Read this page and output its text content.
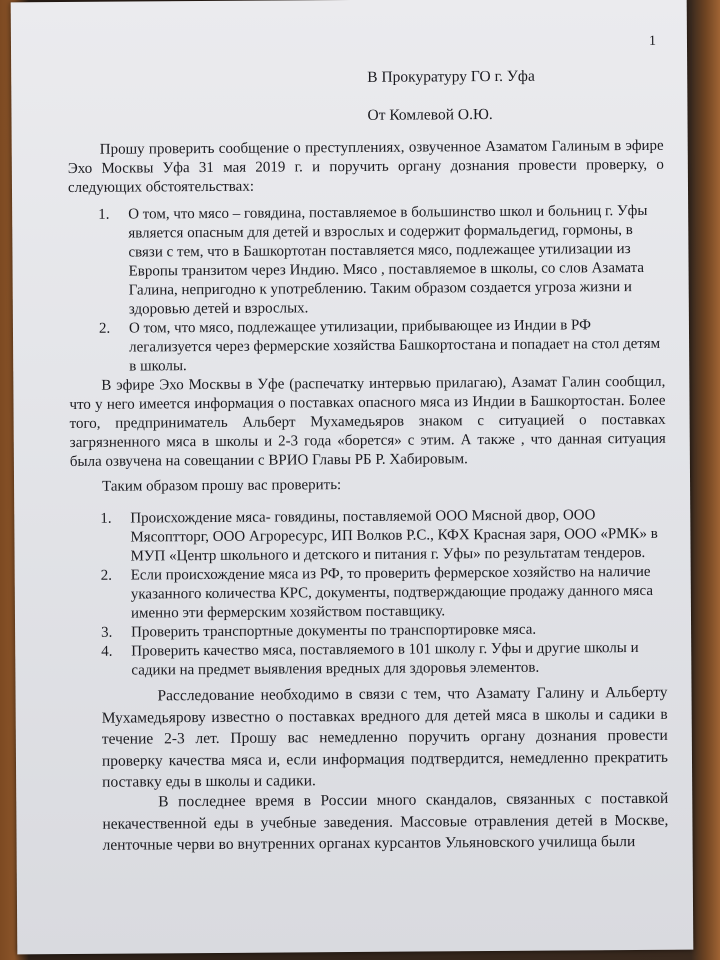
1
В Прокуратуру ГО г. Уфа
От Комлевой О.Ю.

Прошу проверить сообщение о преступлениях, озвученное Азаматом Галиным в эфире Эхо Москвы Уфа 31 мая 2019 г. и поручить органу дознания провести проверку, о следующих обстоятельствах:

1. О том, что мясо – говядина, поставляемое в большинство школ и больниц г. Уфы является опасным для детей и взрослых и содержит формальдегид, гормоны, в связи с тем, что в Башкортотан поставляется мясо, подлежащее утилизации из Европы транзитом через Индию. Мясо , поставляемое в школы, со слов Азамата Галина, непригодно к употреблению. Таким образом создается угроза жизни и здоровью детей и взрослых.
2. О том, что мясо, подлежащее утилизации, прибывающее из Индии в РФ легализуется через фермерские хозяйства Башкортостана и попадает на стол детям в школы.

В эфире Эхо Москвы в Уфе (распечатку интервью прилагаю), Азамат Галин сообщил, что у него имеется информация о поставках опасного мяса из Индии в Башкортостан. Более того, предприниматель Альберт Мухамедьяров знаком с ситуацией о поставках загрязненного мяса в школы и 2-3 года «борется» с этим. А также , что данная ситуация была озвучена на совещании с ВРИО Главы РБ Р. Хабировым.

Таким образом прошу вас проверить:

1. Происхождение мяса- говядины, поставляемой ООО Мясной двор, ООО Мясоптторг, ООО Агроресурс, ИП Волков Р.С., КФХ Красная заря, ООО «РМК» в МУП «Центр школьного и детского и питания г. Уфы» по результатам тендеров.
2. Если происхождение мяса из РФ, то проверить фермерское хозяйство на наличие указанного количества КРС, документы, подтверждающие продажу данного мяса именно эти фермерским хозяйством поставщику.
3. Проверить транспортные документы по транспортировке мяса.
4. Проверить качество мяса, поставляемого в 101 школу г. Уфы и другие школы и садики на предмет выявления вредных для здоровья элементов.

Расследование необходимо в связи с тем, что Азамату Галину и Альберту Мухамедьярову известно о поставках вредного для детей мяса в школы и садики в течение 2-3 лет. Прошу вас немедленно поручить органу дознания провести проверку качества мяса и, если информация подтвердится, немедленно прекратить поставку еды в школы и садики.

В последнее время в России много скандалов, связанных с поставкой некачественной еды в учебные заведения. Массовые отравления детей в Москве, ленточные черви во внутренних органах курсантов Ульяновского училища были
